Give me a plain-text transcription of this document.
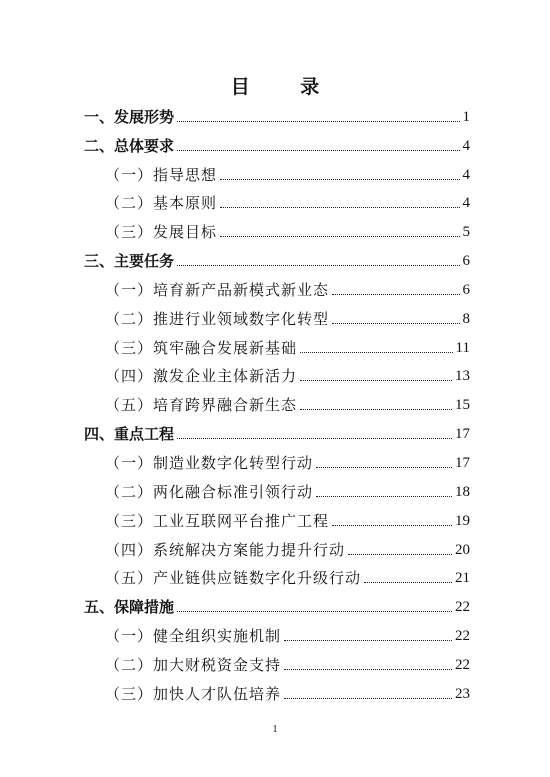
目 录
一、发展形势	1
二、总体要求	4
（一）指导思想	4
（二）基本原则	4
（三）发展目标	5
三、主要任务	6
（一）培育新产品新模式新业态	6
（二）推进行业领域数字化转型	8
（三）筑牢融合发展新基础	11
（四）激发企业主体新活力	13
（五）培育跨界融合新生态	15
四、重点工程	17
（一）制造业数字化转型行动	17
（二）两化融合标准引领行动	18
（三）工业互联网平台推广工程	19
（四）系统解决方案能力提升行动	20
（五）产业链供应链数字化升级行动	21
五、保障措施	22
（一）健全组织实施机制	22
（二）加大财税资金支持	22
（三）加快人才队伍培养	23
1
